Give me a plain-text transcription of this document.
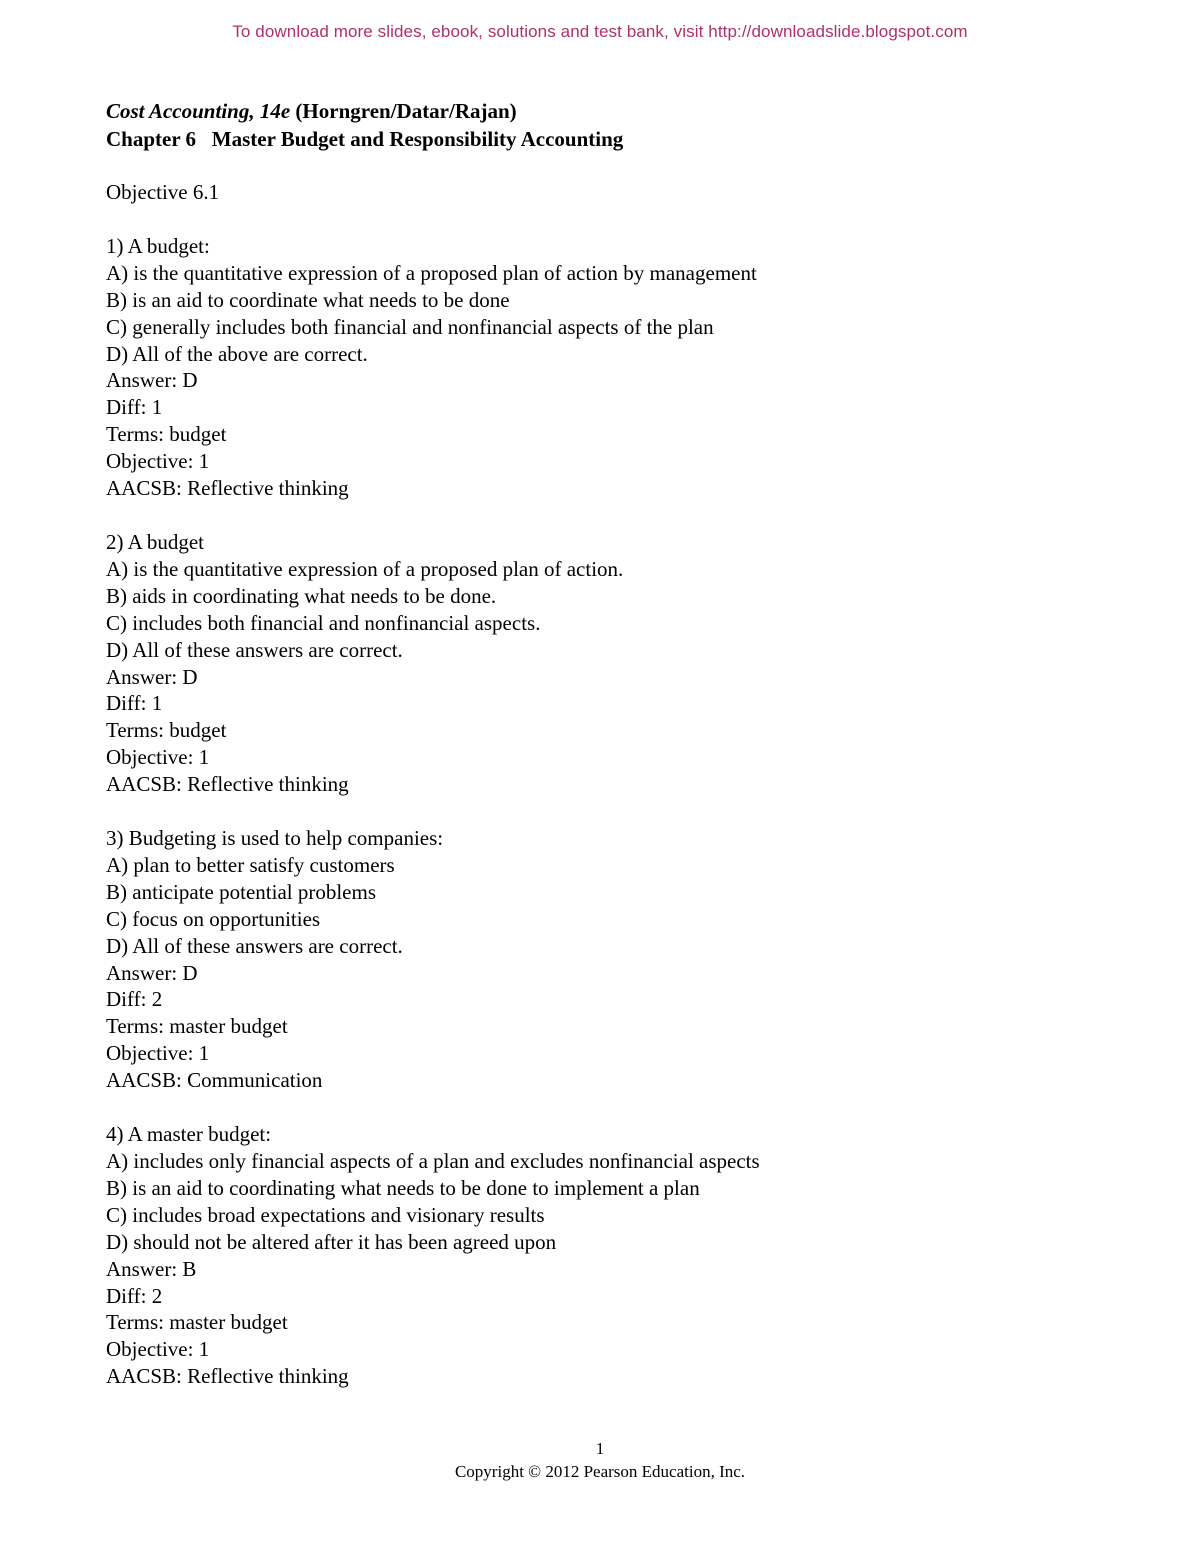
To download more slides, ebook, solutions and test bank, visit http://downloadslide.blogspot.com
Cost Accounting, 14e (Horngren/Datar/Rajan)
Chapter 6 Master Budget and Responsibility Accounting
Objective 6.1
1) A budget:
A) is the quantitative expression of a proposed plan of action by management
B) is an aid to coordinate what needs to be done
C) generally includes both financial and nonfinancial aspects of the plan
D) All of the above are correct.
Answer: D
Diff: 1
Terms: budget
Objective: 1
AACSB: Reflective thinking
2) A budget
A) is the quantitative expression of a proposed plan of action.
B) aids in coordinating what needs to be done.
C) includes both financial and nonfinancial aspects.
D) All of these answers are correct.
Answer: D
Diff: 1
Terms: budget
Objective: 1
AACSB: Reflective thinking
3) Budgeting is used to help companies:
A) plan to better satisfy customers
B) anticipate potential problems
C) focus on opportunities
D) All of these answers are correct.
Answer: D
Diff: 2
Terms: master budget
Objective: 1
AACSB: Communication
4) A master budget:
A) includes only financial aspects of a plan and excludes nonfinancial aspects
B) is an aid to coordinating what needs to be done to implement a plan
C) includes broad expectations and visionary results
D) should not be altered after it has been agreed upon
Answer: B
Diff: 2
Terms: master budget
Objective: 1
AACSB: Reflective thinking
1
Copyright © 2012 Pearson Education, Inc.
